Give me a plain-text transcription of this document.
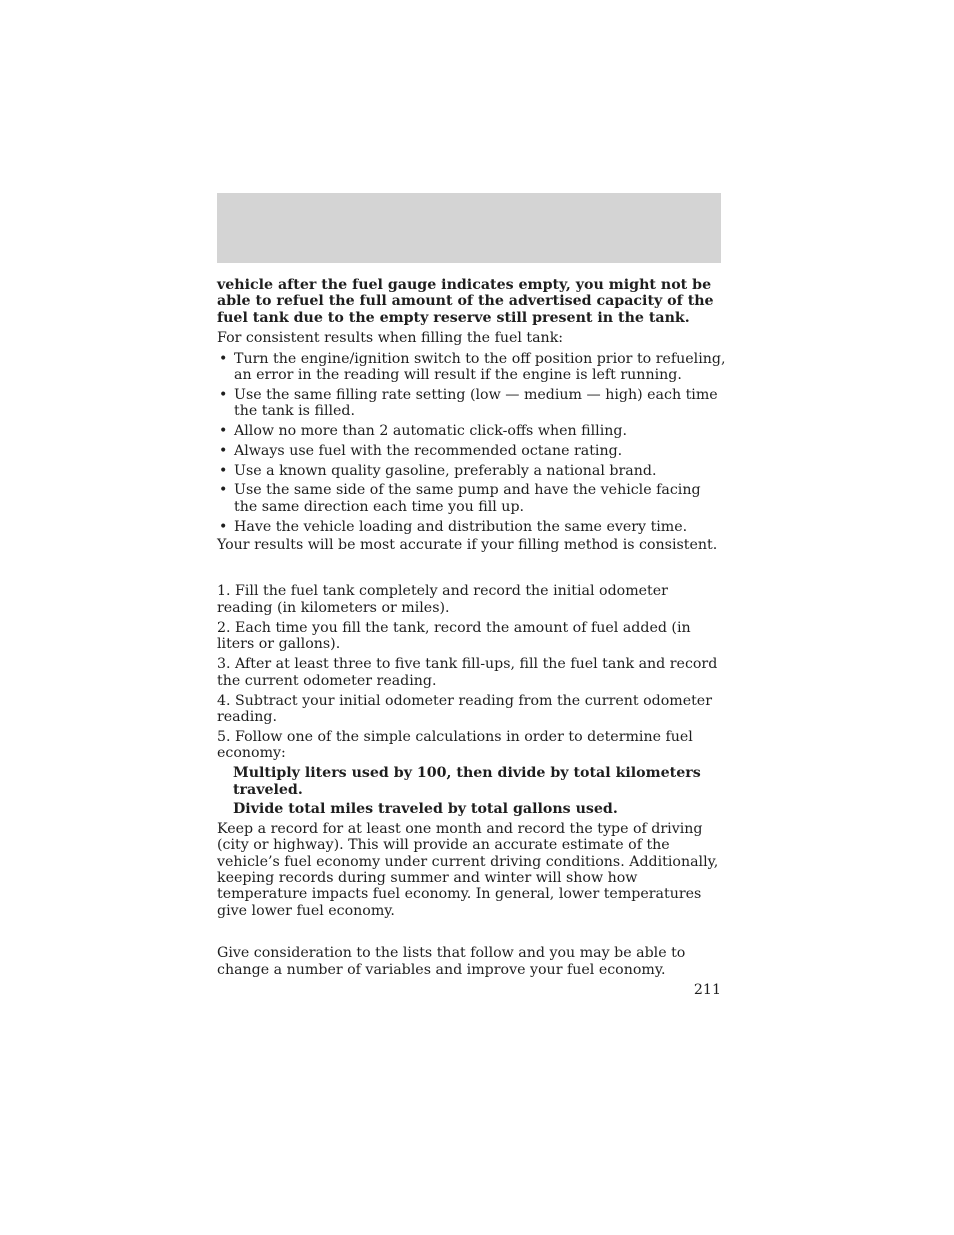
vehicle after the fuel gauge indicates empty, you might not be able to refuel the full amount of the advertised capacity of the fuel tank due to the empty reserve still present in the tank.

For consistent results when filling the fuel tank:

• Turn the engine/ignition switch to the off position prior to refueling, an error in the reading will result if the engine is left running.
• Use the same filling rate setting (low — medium — high) each time the tank is filled.
• Allow no more than 2 automatic click-offs when filling.
• Always use fuel with the recommended octane rating.
• Use a known quality gasoline, preferably a national brand.
• Use the same side of the same pump and have the vehicle facing the same direction each time you fill up.
• Have the vehicle loading and distribution the same every time.

Your results will be most accurate if your filling method is consistent.

1. Fill the fuel tank completely and record the initial odometer reading (in kilometers or miles).
2. Each time you fill the tank, record the amount of fuel added (in liters or gallons).
3. After at least three to five tank fill-ups, fill the fuel tank and record the current odometer reading.
4. Subtract your initial odometer reading from the current odometer reading.
5. Follow one of the simple calculations in order to determine fuel economy:

Multiply liters used by 100, then divide by total kilometers traveled.

Divide total miles traveled by total gallons used.

Keep a record for at least one month and record the type of driving (city or highway). This will provide an accurate estimate of the vehicle’s fuel economy under current driving conditions. Additionally, keeping records during summer and winter will show how temperature impacts fuel economy. In general, lower temperatures give lower fuel economy.

Give consideration to the lists that follow and you may be able to change a number of variables and improve your fuel economy.

211
